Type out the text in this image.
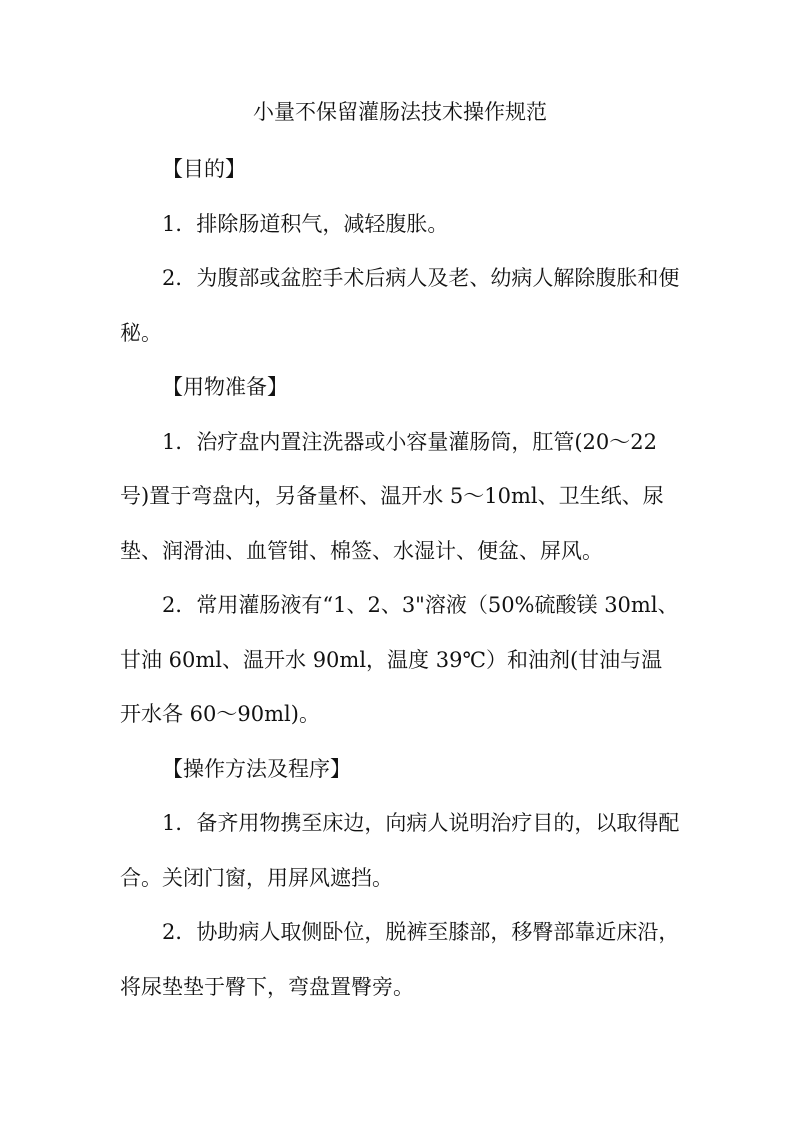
小量不保留灌肠法技术操作规范

【目的】

1．排除肠道积气，减轻腹胀。

2．为腹部或盆腔手术后病人及老、幼病人解除腹胀和便秘。

【用物准备】

1．治疗盘内置注洗器或小容量灌肠筒，肛管(20～22号)置于弯盘内，另备量杯、温开水 5～10ml、卫生纸、尿垫、润滑油、血管钳、棉签、水湿计、便盆、屏风。

2．常用灌肠液有“1、2、3"溶液（50%硫酸镁 30ml、甘油 60ml、温开水 90ml，温度 39℃）和油剂(甘油与温开水各 60～90ml)。

【操作方法及程序】

1．备齐用物携至床边，向病人说明治疗目的，以取得配合。关闭门窗，用屏风遮挡。

2．协助病人取侧卧位，脱裤至膝部，移臀部靠近床沿，将尿垫垫于臀下，弯盘置臀旁。
